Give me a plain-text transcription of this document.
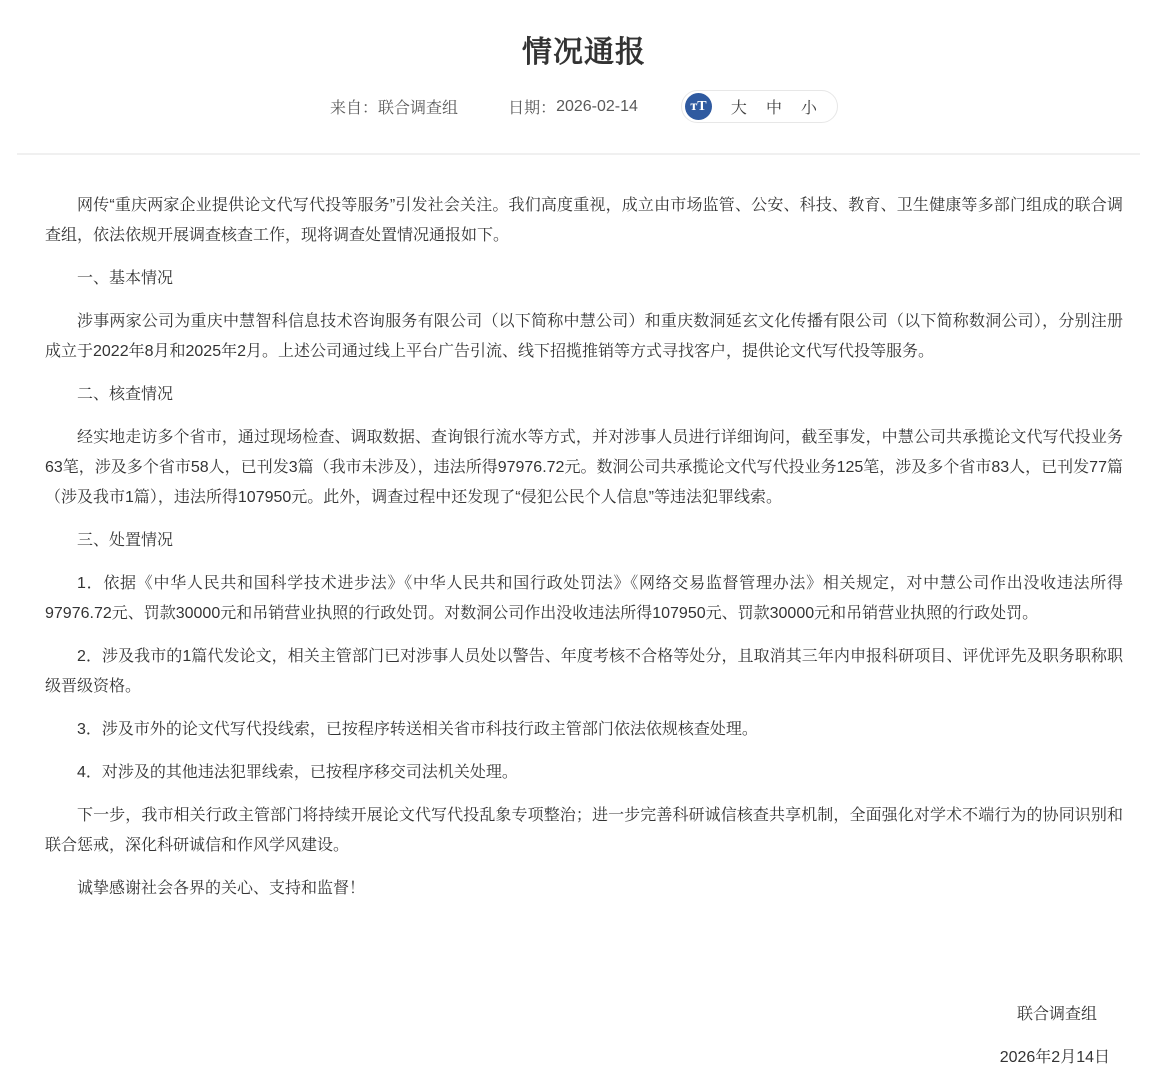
情况通报
来自： 联合调查组	日期： 2026-02-14	тT	大 中 小

网传“重庆两家企业提供论文代写代投等服务”引发社会关注。我们高度重视，成立由市场监管、公安、科技、教育、卫生健康等多部门组成的联合调查组，依法依规开展调查核查工作，现将调查处置情况通报如下。

一、基本情况

涉事两家公司为重庆中慧智科信息技术咨询服务有限公司（以下简称中慧公司）和重庆数洞延玄文化传播有限公司（以下简称数洞公司），分别注册成立于2022年8月和2025年2月。上述公司通过线上平台广告引流、线下招揽推销等方式寻找客户，提供论文代写代投等服务。

二、核查情况

经实地走访多个省市，通过现场检查、调取数据、查询银行流水等方式，并对涉事人员进行详细询问，截至事发，中慧公司共承揽论文代写代投业务63笔，涉及多个省市58人，已刊发3篇（我市未涉及），违法所得97976.72元。数洞公司共承揽论文代写代投业务125笔，涉及多个省市83人，已刊发77篇（涉及我市1篇），违法所得107950元。此外，调查过程中还发现了“侵犯公民个人信息”等违法犯罪线索。

三、处置情况

1．依据《中华人民共和国科学技术进步法》《中华人民共和国行政处罚法》《网络交易监督管理办法》相关规定，对中慧公司作出没收违法所得97976.72元、罚款30000元和吊销营业执照的行政处罚。对数洞公司作出没收违法所得107950元、罚款30000元和吊销营业执照的行政处罚。

2．涉及我市的1篇代发论文，相关主管部门已对涉事人员处以警告、年度考核不合格等处分，且取消其三年内申报科研项目、评优评先及职务职称职级晋级资格。

3．涉及市外的论文代写代投线索，已按程序转送相关省市科技行政主管部门依法依规核查处理。

4．对涉及的其他违法犯罪线索，已按程序移交司法机关处理。

下一步，我市相关行政主管部门将持续开展论文代写代投乱象专项整治；进一步完善科研诚信核查共享机制，全面强化对学术不端行为的协同识别和联合惩戒，深化科研诚信和作风学风建设。

诚挚感谢社会各界的关心、支持和监督！

联合调查组
2026年2月14日
